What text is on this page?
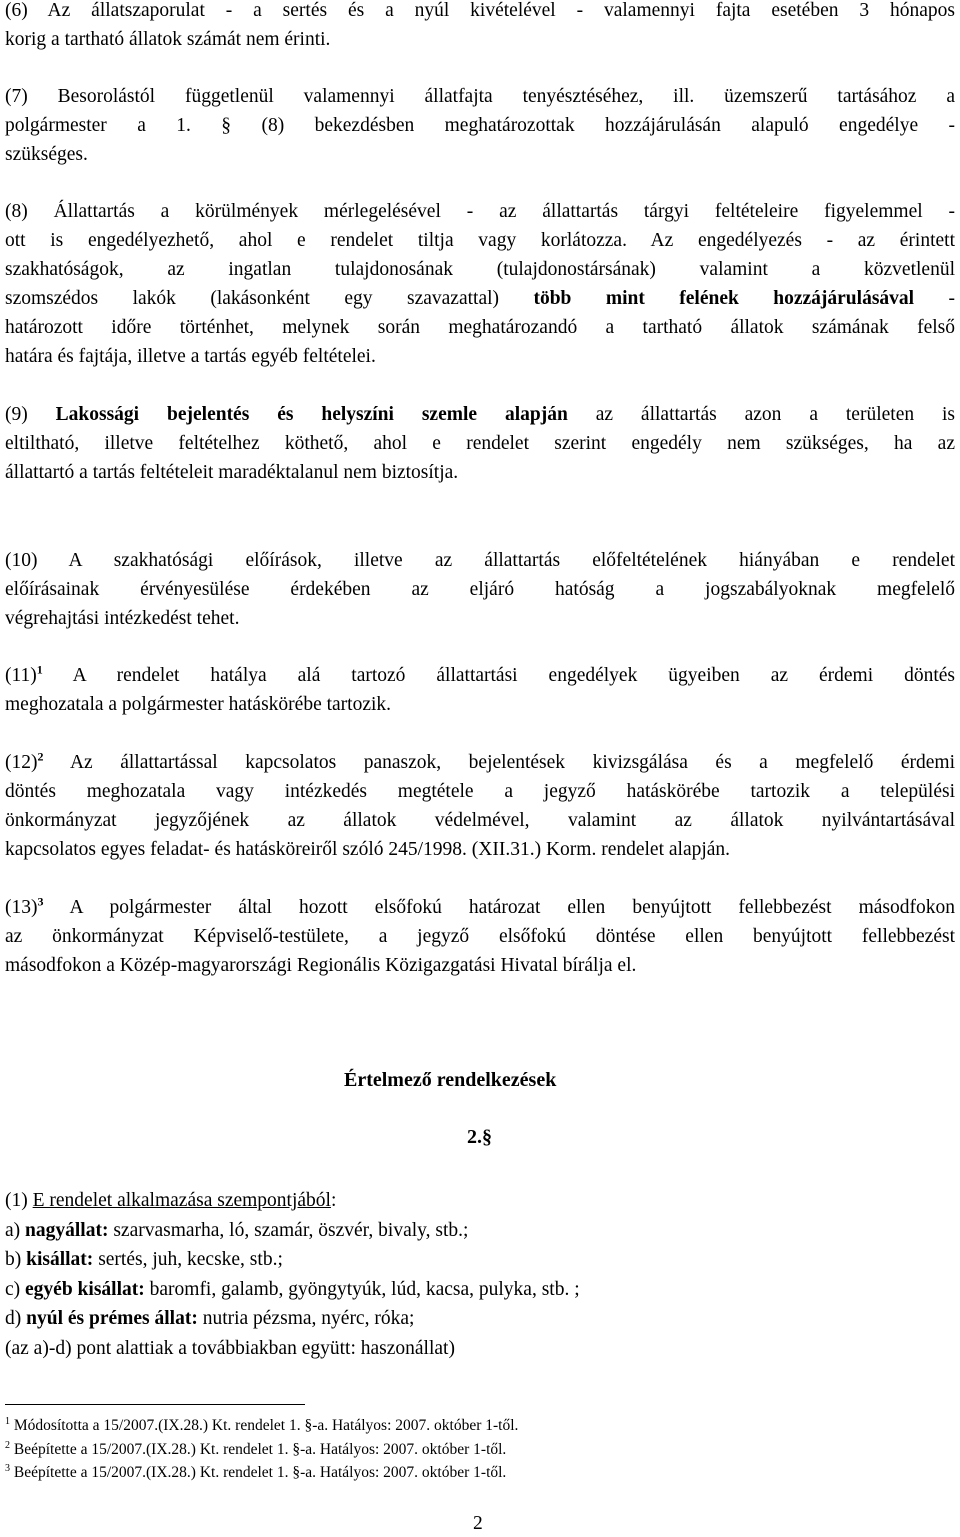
(6) Az állatszaporulat - a sertés és a nyúl kivételével - valamennyi fajta esetében 3 hónapos
korig a tartható állatok számát nem érinti.
(7) Besorolástól függetlenül valamennyi állatfajta tenyésztéséhez, ill. üzemszerű tartásához a
polgármester a 1. § (8) bekezdésben meghatározottak hozzájárulásán alapuló engedélye -
szükséges.
(8) Állattartás a körülmények mérlegelésével - az állattartás tárgyi feltételeire figyelemmel -
ott is engedélyezhető, ahol e rendelet tiltja vagy korlátozza. Az engedélyezés - az érintett
szakhatóságok, az ingatlan tulajdonosának (tulajdonostársának) valamint a közvetlenül
szomszédos lakók (lakásonként egy szavazattal) több mint felének hozzájárulásával -
határozott időre történhet, melynek során meghatározandó a tartható állatok számának felső
határa és fajtája, illetve a tartás egyéb feltételei.
(9) Lakossági bejelentés és helyszíni szemle alapján az állattartás azon a területen is
eltiltható, illetve feltételhez köthető, ahol e rendelet szerint engedély nem szükséges, ha az
állattartó a tartás feltételeit maradéktalanul nem biztosítja.
(10) A szakhatósági előírások, illetve az állattartás előfeltételének hiányában e rendelet
előírásainak érvényesülése érdekében az eljáró hatóság a jogszabályoknak megfelelő
végrehajtási intézkedést tehet.
$(11)^1$ A rendelet hatálya alá tartozó állattartási engedélyek ügyeiben az érdemi döntés
meghozatala a polgármester hatáskörébe tartozik.
$(12)^2$ Az állattartással kapcsolatos panaszok, bejelentések kivizsgálása és a megfelelő érdemi
döntés meghozatala vagy intézkedés megtétele a jegyző hatáskörébe tartozik a települési
önkormányzat jegyzőjének az állatok védelmével, valamint az állatok nyilvántartásával
kapcsolatos egyes feladat- és hatásköreiről szóló 245/1998. (XII.31.) Korm. rendelet alapján.
$(13)^3$ A polgármester által hozott elsőfokú határozat ellen benyújtott fellebbezést másodfokon
az önkormányzat Képviselő-testülete, a jegyző elsőfokú döntése ellen benyújtott fellebbezést
másodfokon a Közép-magyarországi Regionális Közigazgatási Hivatal bírálja el.
Értelmező rendelkezések
2.§
(1) E rendelet alkalmazása szempontjából:
a) nagyállat: szarvasmarha, ló, szamár, öszvér, bivaly, stb.;
b) kisállat: sertés, juh, kecske, stb.;
c) egyéb kisállat: baromfi, galamb, gyöngytyúk, lúd, kacsa, pulyka, stb. ;
d) nyúl és prémes állat: nutria pézsma, nyérc, róka;
(az a)-d) pont alattiak a továbbiakban együtt: haszonállat)
$^1$ Módosította a 15/2007.(IX.28.) Kt. rendelet 1. §-a. Hatályos: 2007. október 1-től.
$^2$ Beépítette a 15/2007.(IX.28.) Kt. rendelet 1. §-a. Hatályos: 2007. október 1-től.
$^3$ Beépítette a 15/2007.(IX.28.) Kt. rendelet 1. §-a. Hatályos: 2007. október 1-től.
2
